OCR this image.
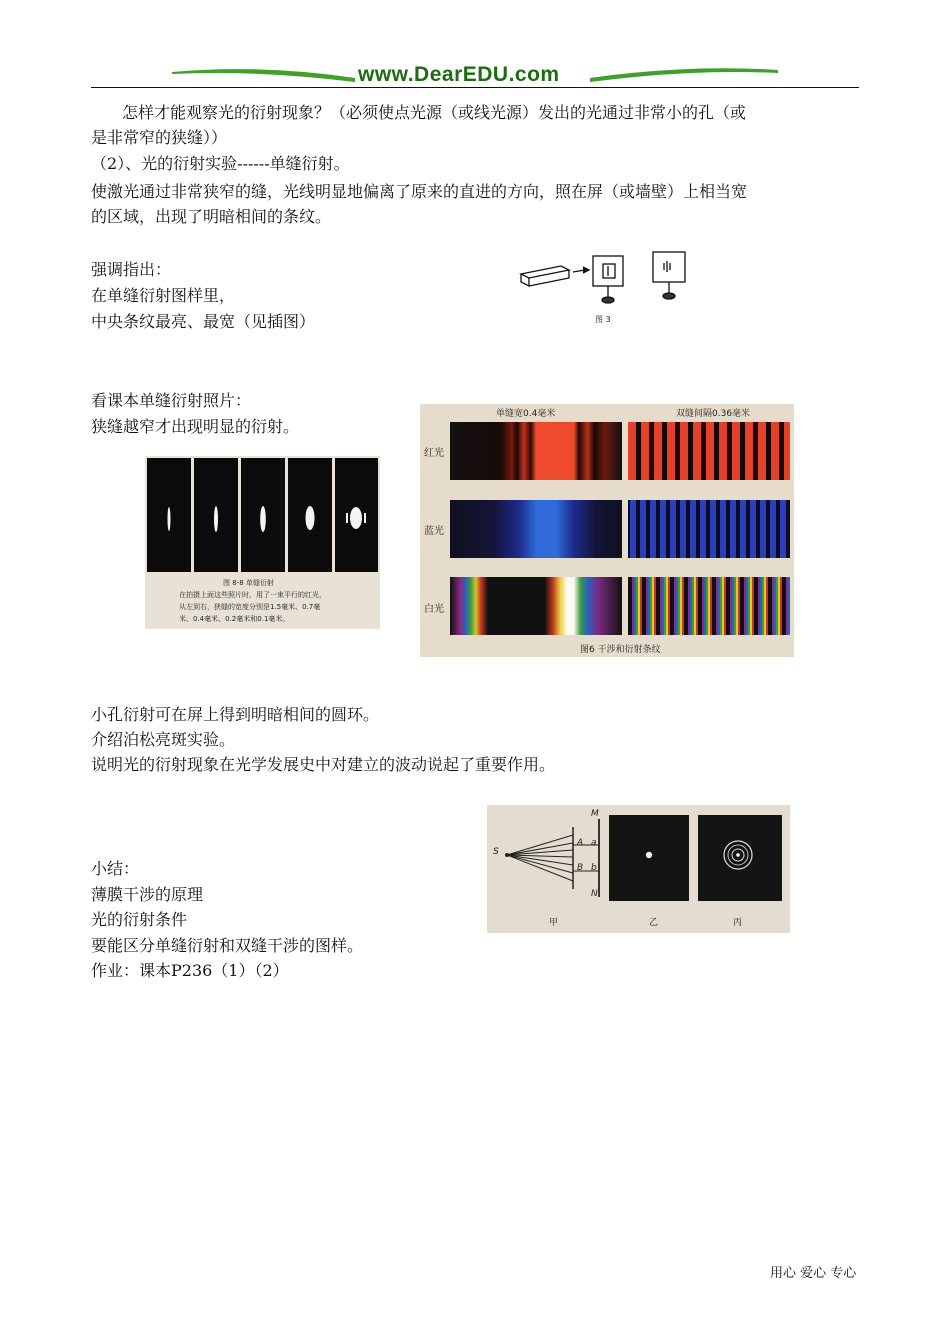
www.DearEDU.com
怎样才能观察光的衍射现象？（必须使点光源（或线光源）发出的光通过非常小的孔（或
是非常窄的狭缝））
（2）、光的衍射实验------单缝衍射。
使激光通过非常狭窄的缝，光线明显地偏离了原来的直进的方向，照在屏（或墙壁）上相当宽
的区域，出现了明暗相间的条纹。
强调指出：
在单缝衍射图样里，
中央条纹最亮、最宽（见插图）	图 3
看课本单缝衍射照片：
狭缝越窄才出现明显的衍射。
图 8-8 单缝衍射
在拍摄上面这些照片时，用了一束平行的红光，
从左到右，狭缝的宽度分别是1.5毫米、0.7毫
米、0.4毫米、0.2毫米和0.1毫米。
单缝宽0.4毫米	双缝间隔0.36毫米
红光
蓝光
白光
图6 干涉和衍射条纹
小孔衍射可在屏上得到明暗相间的圆环。
介绍泊松亮斑实验。
说明光的衍射现象在光学发展史中对建立的波动说起了重要作用。
S
M
N
A
B
a
b
甲	乙	丙
小结：
薄膜干涉的原理
光的衍射条件
要能区分单缝衍射和双缝干涉的图样。
作业：课本P236（1）（2）
用心 爱心 专心
